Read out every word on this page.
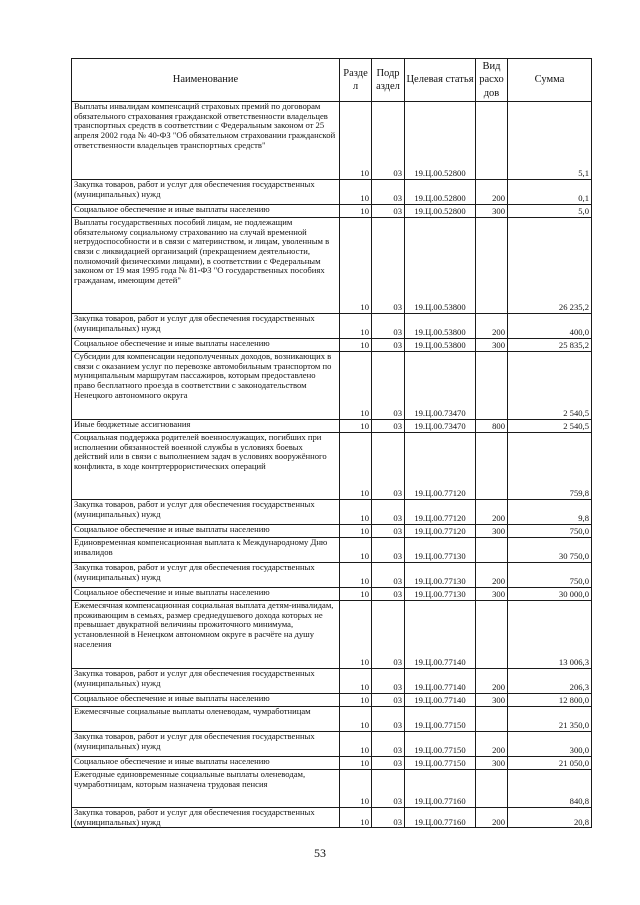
Наименование	Разде л	Подр аздел	Целевая статья	Вид расхо дов	Сумма
Выплаты инвалидам компенсаций страховых премий по договорам обязательного страхования гражданской ответственности владельцев транспортных средств в соответствии с Федеральным законом от 25 апреля 2002 года № 40-ФЗ "Об обязательном страховании гражданской ответственности владельцев транспортных средств"	10	03	19.Ц.00.52800		5,1
Закупка товаров, работ и услуг для обеспечения государственных (муниципальных) нужд	10	03	19.Ц.00.52800	200	0,1
Социальное обеспечение и иные выплаты населению	10	03	19.Ц.00.52800	300	5,0
Выплаты государственных пособий лицам, не подлежащим обязательному социальному страхованию на случай временной нетрудоспособности и в связи с материнством, и лицам, уволенным в связи с ликвидацией организаций (прекращением деятельности, полномочий физическими лицами), в соответствии с Федеральным законом от 19 мая 1995 года № 81-ФЗ "О государственных пособиях гражданам, имеющим детей"	10	03	19.Ц.00.53800		26 235,2
Закупка товаров, работ и услуг для обеспечения государственных (муниципальных) нужд	10	03	19.Ц.00.53800	200	400,0
Социальное обеспечение и иные выплаты населению	10	03	19.Ц.00.53800	300	25 835,2
Субсидии для компенсации недополученных доходов, возникающих в связи с оказанием услуг по перевозке автомобильным транспортом по муниципальным маршрутам пассажиров, которым предоставлено право бесплатного проезда в соответствии с законодательством Ненецкого автономного округа	10	03	19.Ц.00.73470		2 540,5
Иные бюджетные ассигнования	10	03	19.Ц.00.73470	800	2 540,5
Социальная поддержка родителей военнослужащих, погибших при исполнении обязанностей военной службы в условиях боевых действий или в связи с выполнением задач в условиях вооружённого конфликта, в ходе контртеррористических операций	10	03	19.Ц.00.77120		759,8
Закупка товаров, работ и услуг для обеспечения государственных (муниципальных) нужд	10	03	19.Ц.00.77120	200	9,8
Социальное обеспечение и иные выплаты населению	10	03	19.Ц.00.77120	300	750,0
Единовременная компенсационная выплата к Международному Дню инвалидов	10	03	19.Ц.00.77130		30 750,0
Закупка товаров, работ и услуг для обеспечения государственных (муниципальных) нужд	10	03	19.Ц.00.77130	200	750,0
Социальное обеспечение и иные выплаты населению	10	03	19.Ц.00.77130	300	30 000,0
Ежемесячная компенсационная социальная выплата детям-инвалидам, проживающим в семьях, размер среднедушевого дохода которых не превышает двукратной величины прожиточного минимума, установленной в Ненецком автономном округе в расчёте на душу населения	10	03	19.Ц.00.77140		13 006,3
Закупка товаров, работ и услуг для обеспечения государственных (муниципальных) нужд	10	03	19.Ц.00.77140	200	206,3
Социальное обеспечение и иные выплаты населению	10	03	19.Ц.00.77140	300	12 800,0
Ежемесячные социальные выплаты оленеводам, чумработницам	10	03	19.Ц.00.77150		21 350,0
Закупка товаров, работ и услуг для обеспечения государственных (муниципальных) нужд	10	03	19.Ц.00.77150	200	300,0
Социальное обеспечение и иные выплаты населению	10	03	19.Ц.00.77150	300	21 050,0
Ежегодные единовременные социальные выплаты оленеводам, чумработницам, которым назначена трудовая пенсия	10	03	19.Ц.00.77160		840,8
Закупка товаров, работ и услуг для обеспечения государственных (муниципальных) нужд	10	03	19.Ц.00.77160	200	20,8
53
